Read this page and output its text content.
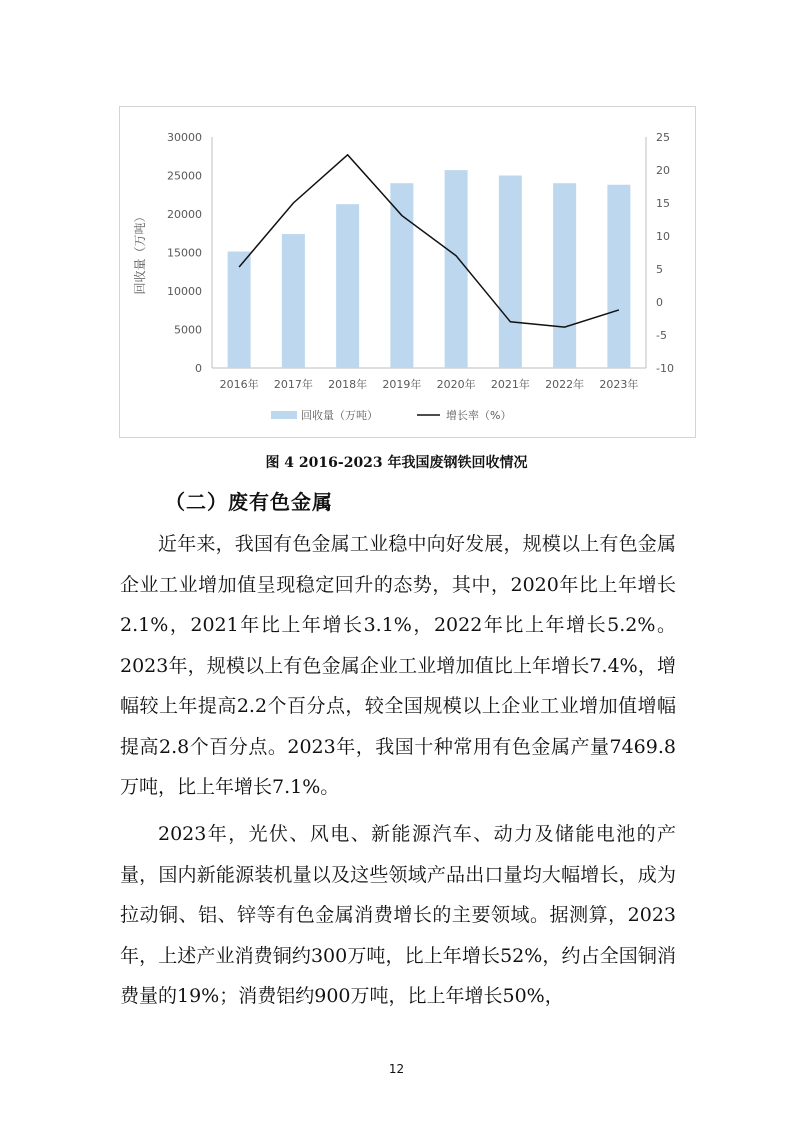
30000
25000
20000
15000
10000
5000
0
25
20
15
10
5
0
-5
-10
回收量（万吨）
2016年 2017年 2018年 2019年 2020年 2021年 2022年 2023年
回收量（万吨）	增长率（%）
图 4 2016-2023 年我国废钢铁回收情况
（二）废有色金属

近年来，我国有色金属工业稳中向好发展，规模以上有色金属企业工业增加值呈现稳定回升的态势，其中，2020年比上年增长2.1%，2021年比上年增长3.1%，2022年比上年增长5.2%。2023年，规模以上有色金属企业工业增加值比上年增长7.4%，增幅较上年提高2.2个百分点，较全国规模以上企业工业增加值增幅提高2.8个百分点。2023年，我国十种常用有色金属产量7469.8万吨，比上年增长7.1%。

2023年，光伏、风电、新能源汽车、动力及储能电池的产量，国内新能源装机量以及这些领域产品出口量均大幅增长，成为拉动铜、铝、锌等有色金属消费增长的主要领域。据测算，2023年，上述产业消费铜约300万吨，比上年增长52%，约占全国铜消费量的19%；消费铝约900万吨，比上年增长50%，

12
